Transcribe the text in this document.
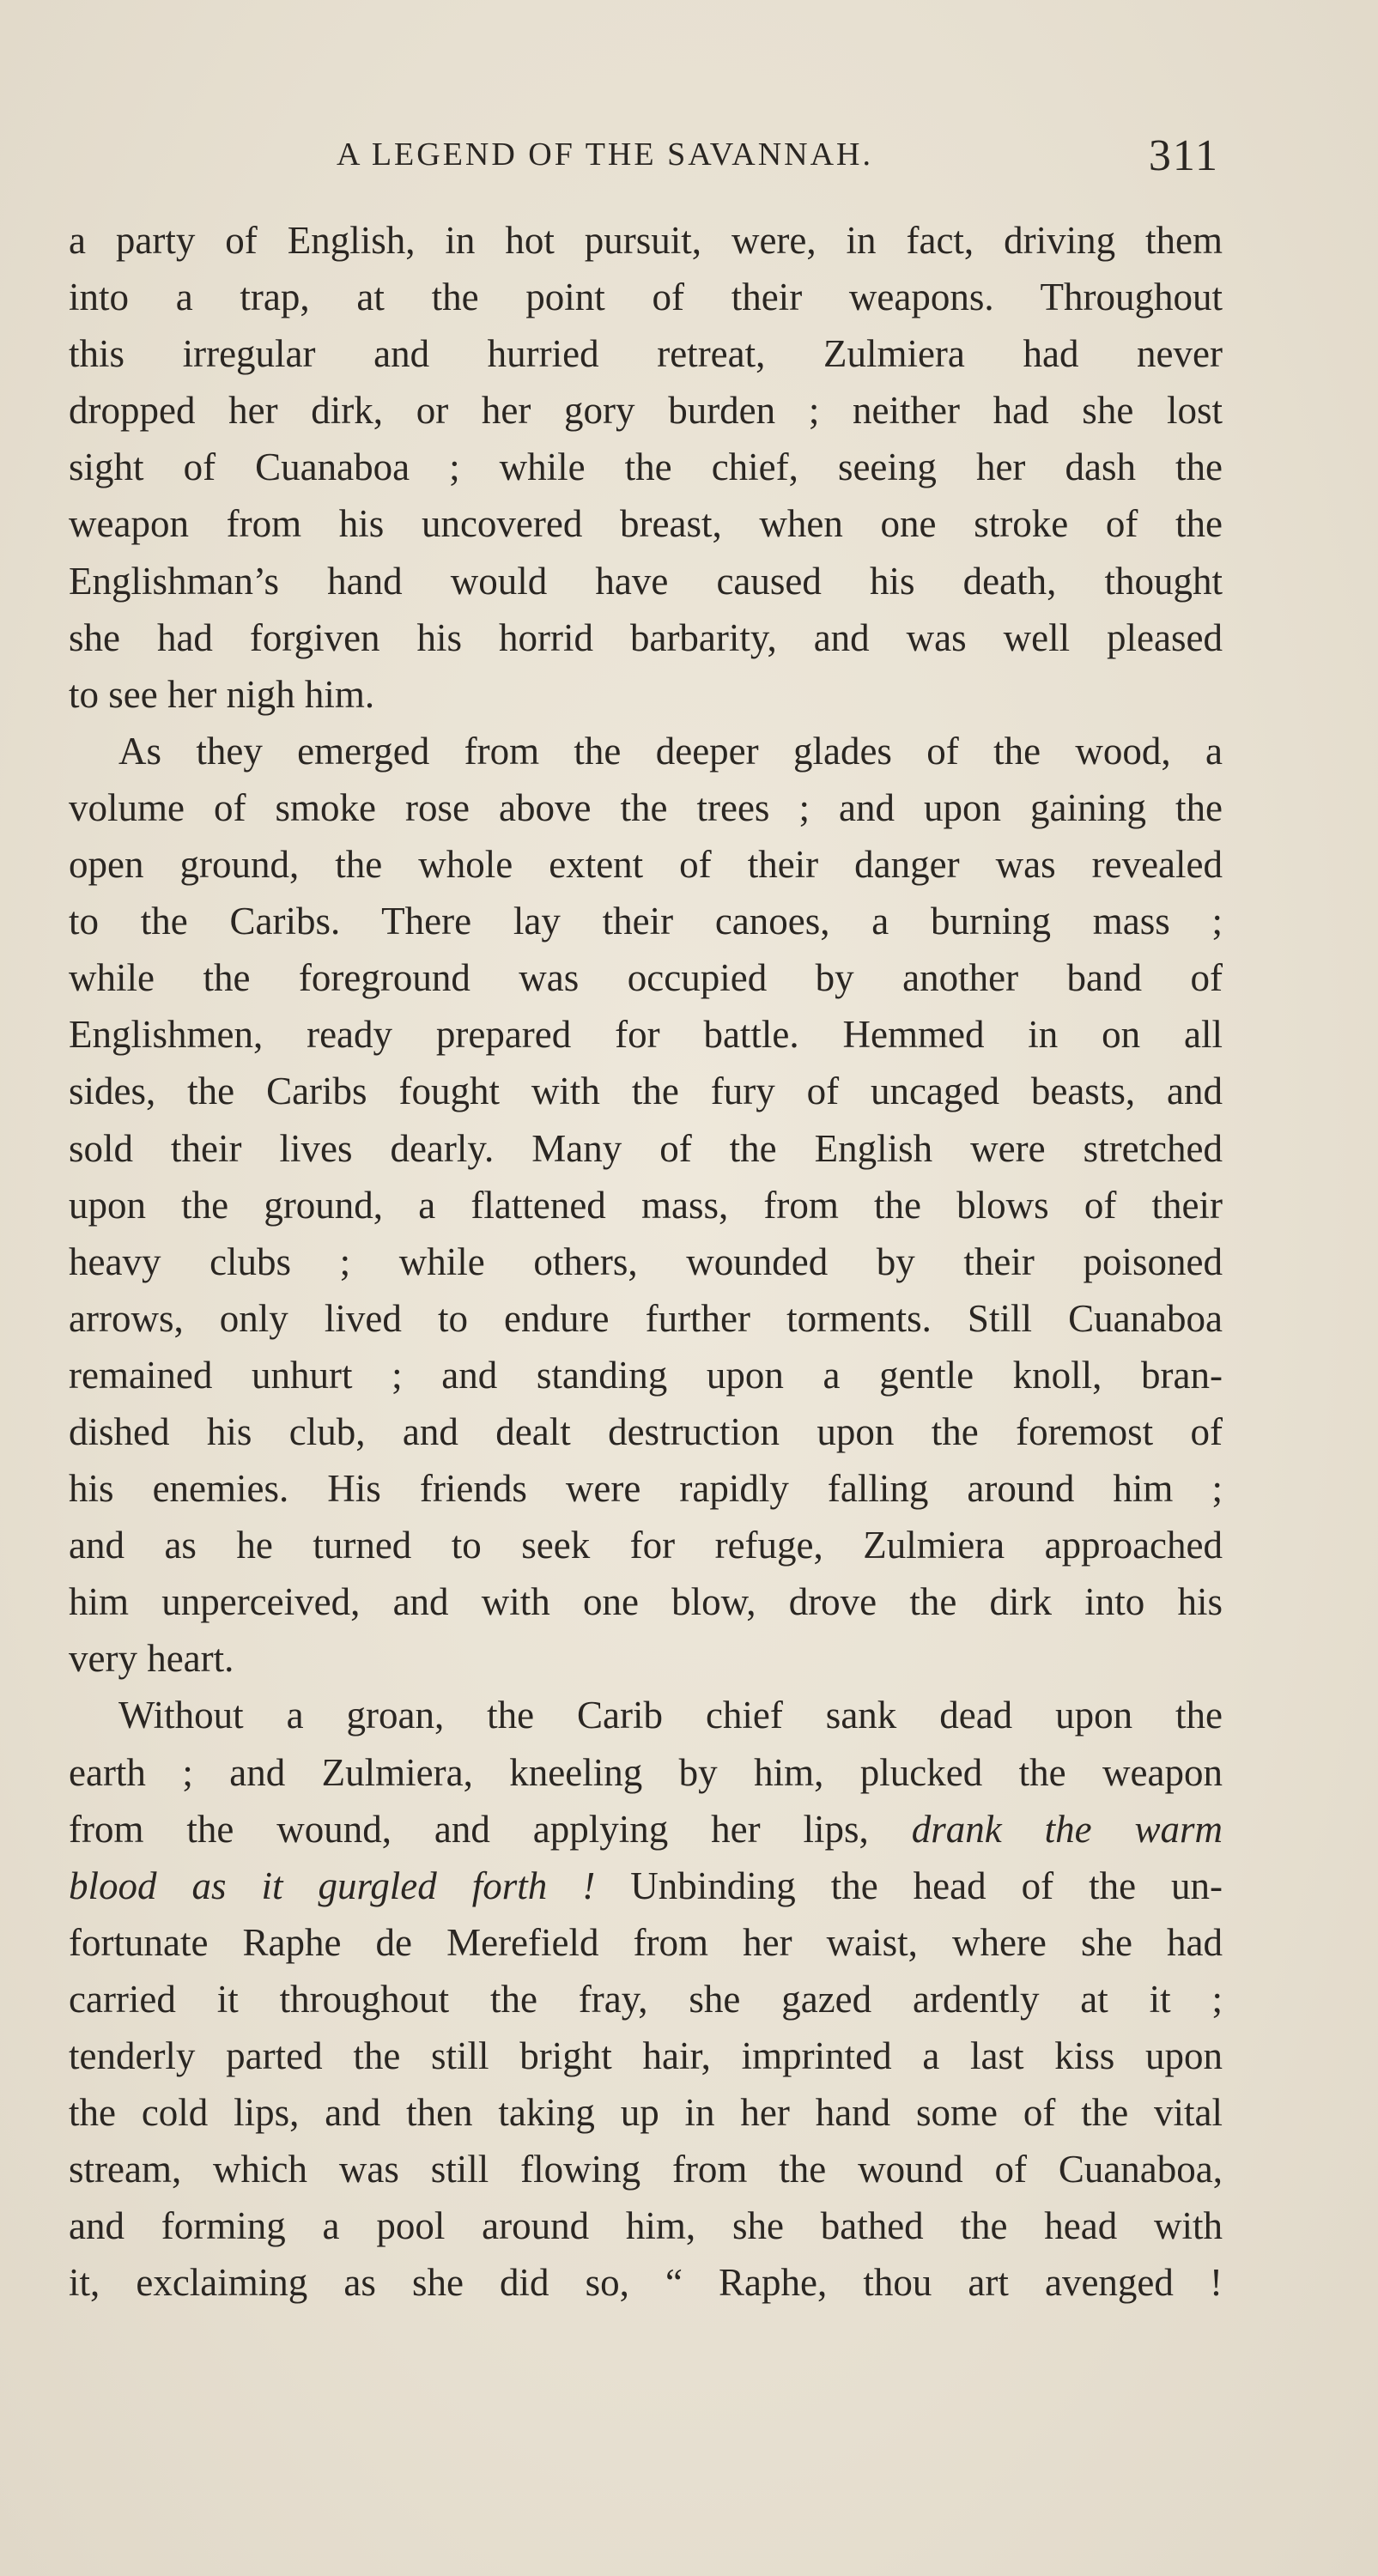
A LEGEND OF THE SAVANNAH.	311
a party of English, in hot pursuit, were, in fact, driving them
into a trap, at the point of their weapons. Throughout
this irregular and hurried retreat, Zulmiera had never
dropped her dirk, or her gory burden ; neither had she lost
sight of Cuanaboa ; while the chief, seeing her dash the
weapon from his uncovered breast, when one stroke of the
Englishman’s hand would have caused his death, thought
she had forgiven his horrid barbarity, and was well pleased
to see her nigh him.
As they emerged from the deeper glades of the wood, a
volume of smoke rose above the trees ; and upon gaining the
open ground, the whole extent of their danger was revealed
to the Caribs. There lay their canoes, a burning mass ;
while the foreground was occupied by another band of
Englishmen, ready prepared for battle. Hemmed in on all
sides, the Caribs fought with the fury of uncaged beasts, and
sold their lives dearly. Many of the English were stretched
upon the ground, a flattened mass, from the blows of their
heavy clubs ; while others, wounded by their poisoned
arrows, only lived to endure further torments. Still Cuanaboa
remained unhurt ; and standing upon a gentle knoll, bran-
dished his club, and dealt destruction upon the foremost of
his enemies. His friends were rapidly falling around him ;
and as he turned to seek for refuge, Zulmiera approached
him unperceived, and with one blow, drove the dirk into his
very heart.
Without a groan, the Carib chief sank dead upon the
earth ; and Zulmiera, kneeling by him, plucked the weapon
from the wound, and applying her lips, drank the warm
blood as it gurgled forth ! Unbinding the head of the un-
fortunate Raphe de Merefield from her waist, where she had
carried it throughout the fray, she gazed ardently at it ;
tenderly parted the still bright hair, imprinted a last kiss upon
the cold lips, and then taking up in her hand some of the vital
stream, which was still flowing from the wound of Cuanaboa,
and forming a pool around him, she bathed the head with
it, exclaiming as she did so, “ Raphe, thou art avenged !
